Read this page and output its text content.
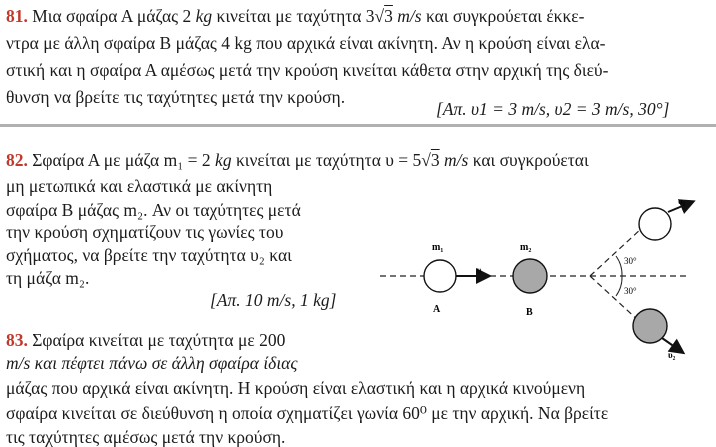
81. Μια σφαίρα Α μάζας 2 kg κινείται με ταχύτητα 3√3 m/s και συγκρούεται έκκε-
ντρα με άλλη σφαίρα Β μάζας 4 kg που αρχικά είναι ακίνητη. Αν η κρούση είναι ελα-
στική και η σφαίρα Α αμέσως μετά την κρούση κινείται κάθετα στην αρχική της διεύ-
θυνση να βρείτε τις ταχύτητες μετά την κρούση.
[Απ. υ1 = 3 m/s, υ2 = 3 m/s, 30°]
82. Σφαίρα Α με μάζα m₁ = 2 kg κινείται με ταχύτητα υ = 5√3 m/s και συγκρούεται
μη μετωπικά και ελαστικά με ακίνητη
σφαίρα Β μάζας m₂. Αν οι ταχύτητες μετά
την κρούση σχηματίζουν τις γωνίες του
σχήματος, να βρείτε την ταχύτητα υ₂ και
τη μάζα m₂.
[Απ. 10 m/s, 1 kg]
83. Σφαίρα κινείται με ταχύτητα με 200
m/s και πέφτει πάνω σε άλλη σφαίρα ίδιας
μάζας που αρχικά είναι ακίνητη. Η κρούση είναι ελαστική και η αρχικά κινούμενη
σφαίρα κινείται σε διεύθυνση η οποία σχηματίζει γωνία 60⁰ με την αρχική. Να βρείτε
τις ταχύτητες αμέσως μετά την κρούση.
m₁	m₂
A	B
υ
υ₁
υ₂
30°
30°
